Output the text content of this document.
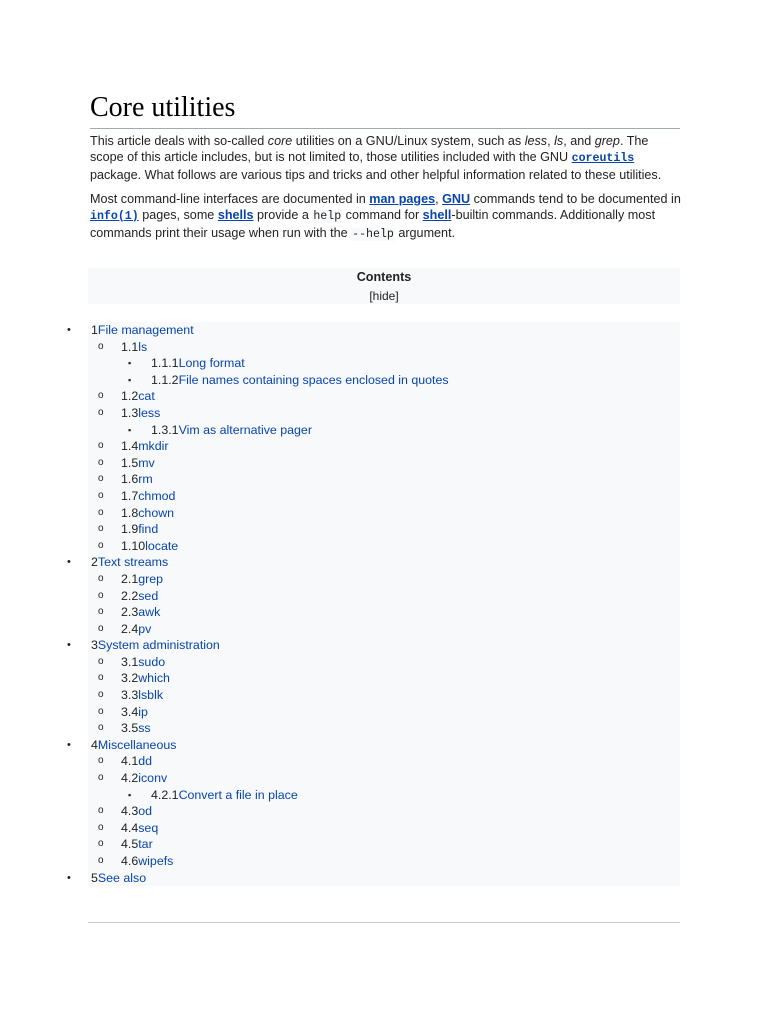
Core utilities

This article deals with so-called core utilities on a GNU/Linux system, such as less, ls, and grep. The scope of this article includes, but is not limited to, those utilities included with the GNU coreutils package. What follows are various tips and tricks and other helpful information related to these utilities.

Most command-line interfaces are documented in man pages, GNU commands tend to be documented in info(1) pages, some shells provide a help command for shell-builtin commands. Additionally most commands print their usage when run with the --help argument.

Contents
[hide]
• 1File management
o 1.1ls
▪ 1.1.1Long format
▪ 1.1.2File names containing spaces enclosed in quotes
o 1.2cat
o 1.3less
▪ 1.3.1Vim as alternative pager
o 1.4mkdir
o 1.5mv
o 1.6rm
o 1.7chmod
o 1.8chown
o 1.9find
o 1.10locate
• 2Text streams
o 2.1grep
o 2.2sed
o 2.3awk
o 2.4pv
• 3System administration
o 3.1sudo
o 3.2which
o 3.3lsblk
o 3.4ip
o 3.5ss
• 4Miscellaneous
o 4.1dd
o 4.2iconv
▪ 4.2.1Convert a file in place
o 4.3od
o 4.4seq
o 4.5tar
o 4.6wipefs
• 5See also
